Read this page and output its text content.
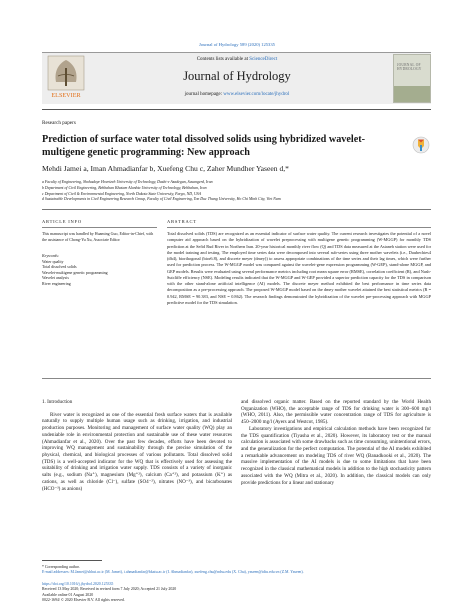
Journal of Hydrology 589 (2020) 125335
ELSEVIER
Contents lists available at ScienceDirect
Journal of Hydrology
journal homepage: www.elsevier.com/locate/jhydrol
JOURNAL OF HYDROLOGY
Research papers
Prediction of surface water total dissolved solids using hybridized wavelet-multigene genetic programming: New approach
Mehdi Jamei a, Iman Ahmadianfar b, Xuefeng Chu c, Zaher Mundher Yaseen d,*
a Faculty of Engineering, Shohadaye Hoveizeh University of Technology, Dasht-e Azadegan, Susangerd, Iran
b Department of Civil Engineering, Behbahan Khatam Alanbia University of Technology, Behbahan, Iran
c Department of Civil & Environmental Engineering, North Dakota State University, Fargo, ND, USA
d Sustainable Developments in Civil Engineering Research Group, Faculty of Civil Engineering, Ton Duc Thang University, Ho Chi Minh City, Viet Nam
ARTICLE INFO	ABSTRACT
This manuscript was handled by Huaming Guo, Editor-in-Chief, with the assistance of Chong-Yu Xu, Associate Editor
Keywords:
Water quality
Total dissolved solids
Wavelet-multigene genetic programming
Wavelet analysis
River engineering
Total dissolved solids (TDS) are recognized as an essential indicator of surface water quality. The current research investigates the potential of a novel computer aid approach based on the hybridization of wavelet preprocessing with multigene genetic programming (W-MGGP) for monthly TDS prediction at the Sefid Rud River in Northern Iran. 20-year historical monthly river flow (Q) and TDS data measured at the Astaneh station were used for the model training and testing. The employed time series data were decomposed into several sub-series using three mother wavelets (i.e., Daubechies4 (db4), biorthogonal (bior6.8), and discrete meyer (dmey)) to assess appropriate combinations of the time series and their lag times, which were further used for prediction process. The W-MGGP model was compared against the wavelet-gene expression programming (W-GEP), stand-alone MGGP, and GEP models. Results were evaluated using several performance metrics including root mean square error (RMSE), correlation coefficient (R), and Nash-Sutcliffe efficiency (NSE). Modeling results indicated that the W-MGGP and W-GEP provided a superior prediction capacity for the TDS in comparison with the other stand-alone artificial intelligence (AI) models. The discrete meyer method exhibited the best performance in time series data decomposition as a pre-processing approach. The proposed W-MGGP model based on the dmey mother wavelet attained the best statistical metrics (R = 0.942, RMSE = 90.383, and NSE = 0.862). The research findings demonstrated the hybridization of the wavelet pre-processing approach with MGGP predictive model for the TDS simulation.
1. Introduction

River water is recognized as one of the essential fresh surface waters that is available naturally to supply multiple human usage such as drinking, irrigation, and industrial production purposes. Monitoring and management of surface water quality (WQ) play an undeniable role in environmental protection and sustainable use of these water resources (Ahmadianfar et al., 2020). Over the past few decades, efforts have been devoted to improving WQ management and sustainability through the precise simulation of the physical, chemical, and biological processes of various pollutants. Total dissolved solid (TDS) is a well-accepted indicator for the WQ that is effectively used for assessing the suitability of drinking and irrigation water supply. TDS consists of a variety of inorganic salts (e.g., sodium (Na⁺), magnesium (Mg⁺²), calcium (Ca⁺²), and potassium (K⁺) as cations, as well as chloride (Cl⁻), sulfate (SO4⁻²), nitrates (NO⁻³), and bicarbonates (HCO⁻³) as anions)

and dissolved organic matter. Based on the reported standard by the World Health Organization (WHO), the acceptable range of TDS for drinking water is 300–600 mg/l (WHO, 2011). Also, the permissible water concentration range of TDS for agriculture is 450–2000 mg/l (Ayers and Westcot, 1985).

Laboratory investigations and empirical calculation methods have been recognized for the TDS quantification (Tiyasha et al., 2020). However, its laboratory test or the manual calculation is associated with some drawbacks such as time consuming, unintentional errors, and the generalization for the perfect computation. The potential of the AI models exhibited a remarkable advancement on modeling TDS of river WQ (Banadkooki et al., 2020). The massive implementation of the AI models is due to some limitations that have been recognized in the classical mathematical models in addition to the high stochasticity pattern associated with the WQ (Mitra et al., 2020). In addition, the classical models can only provide predictions for a linear and stationary

* Corresponding author.
E-mail addresses: M.Jamei@shhut.ac.ir (M. Jamei), i.ahmadianfar@bkatu.ac.ir (I. Ahmadianfar), xuefeng.chu@ndsu.edu (X. Chu), yaseen@tdtu.edu.vn (Z.M. Yaseen).
https://doi.org/10.1016/j.jhydrol.2020.125335
Received 13 May 2020; Received in revised form 7 July 2020; Accepted 21 July 2020
Available online 01 August 2020
0022-1694/ © 2020 Elsevier B.V. All rights reserved.
